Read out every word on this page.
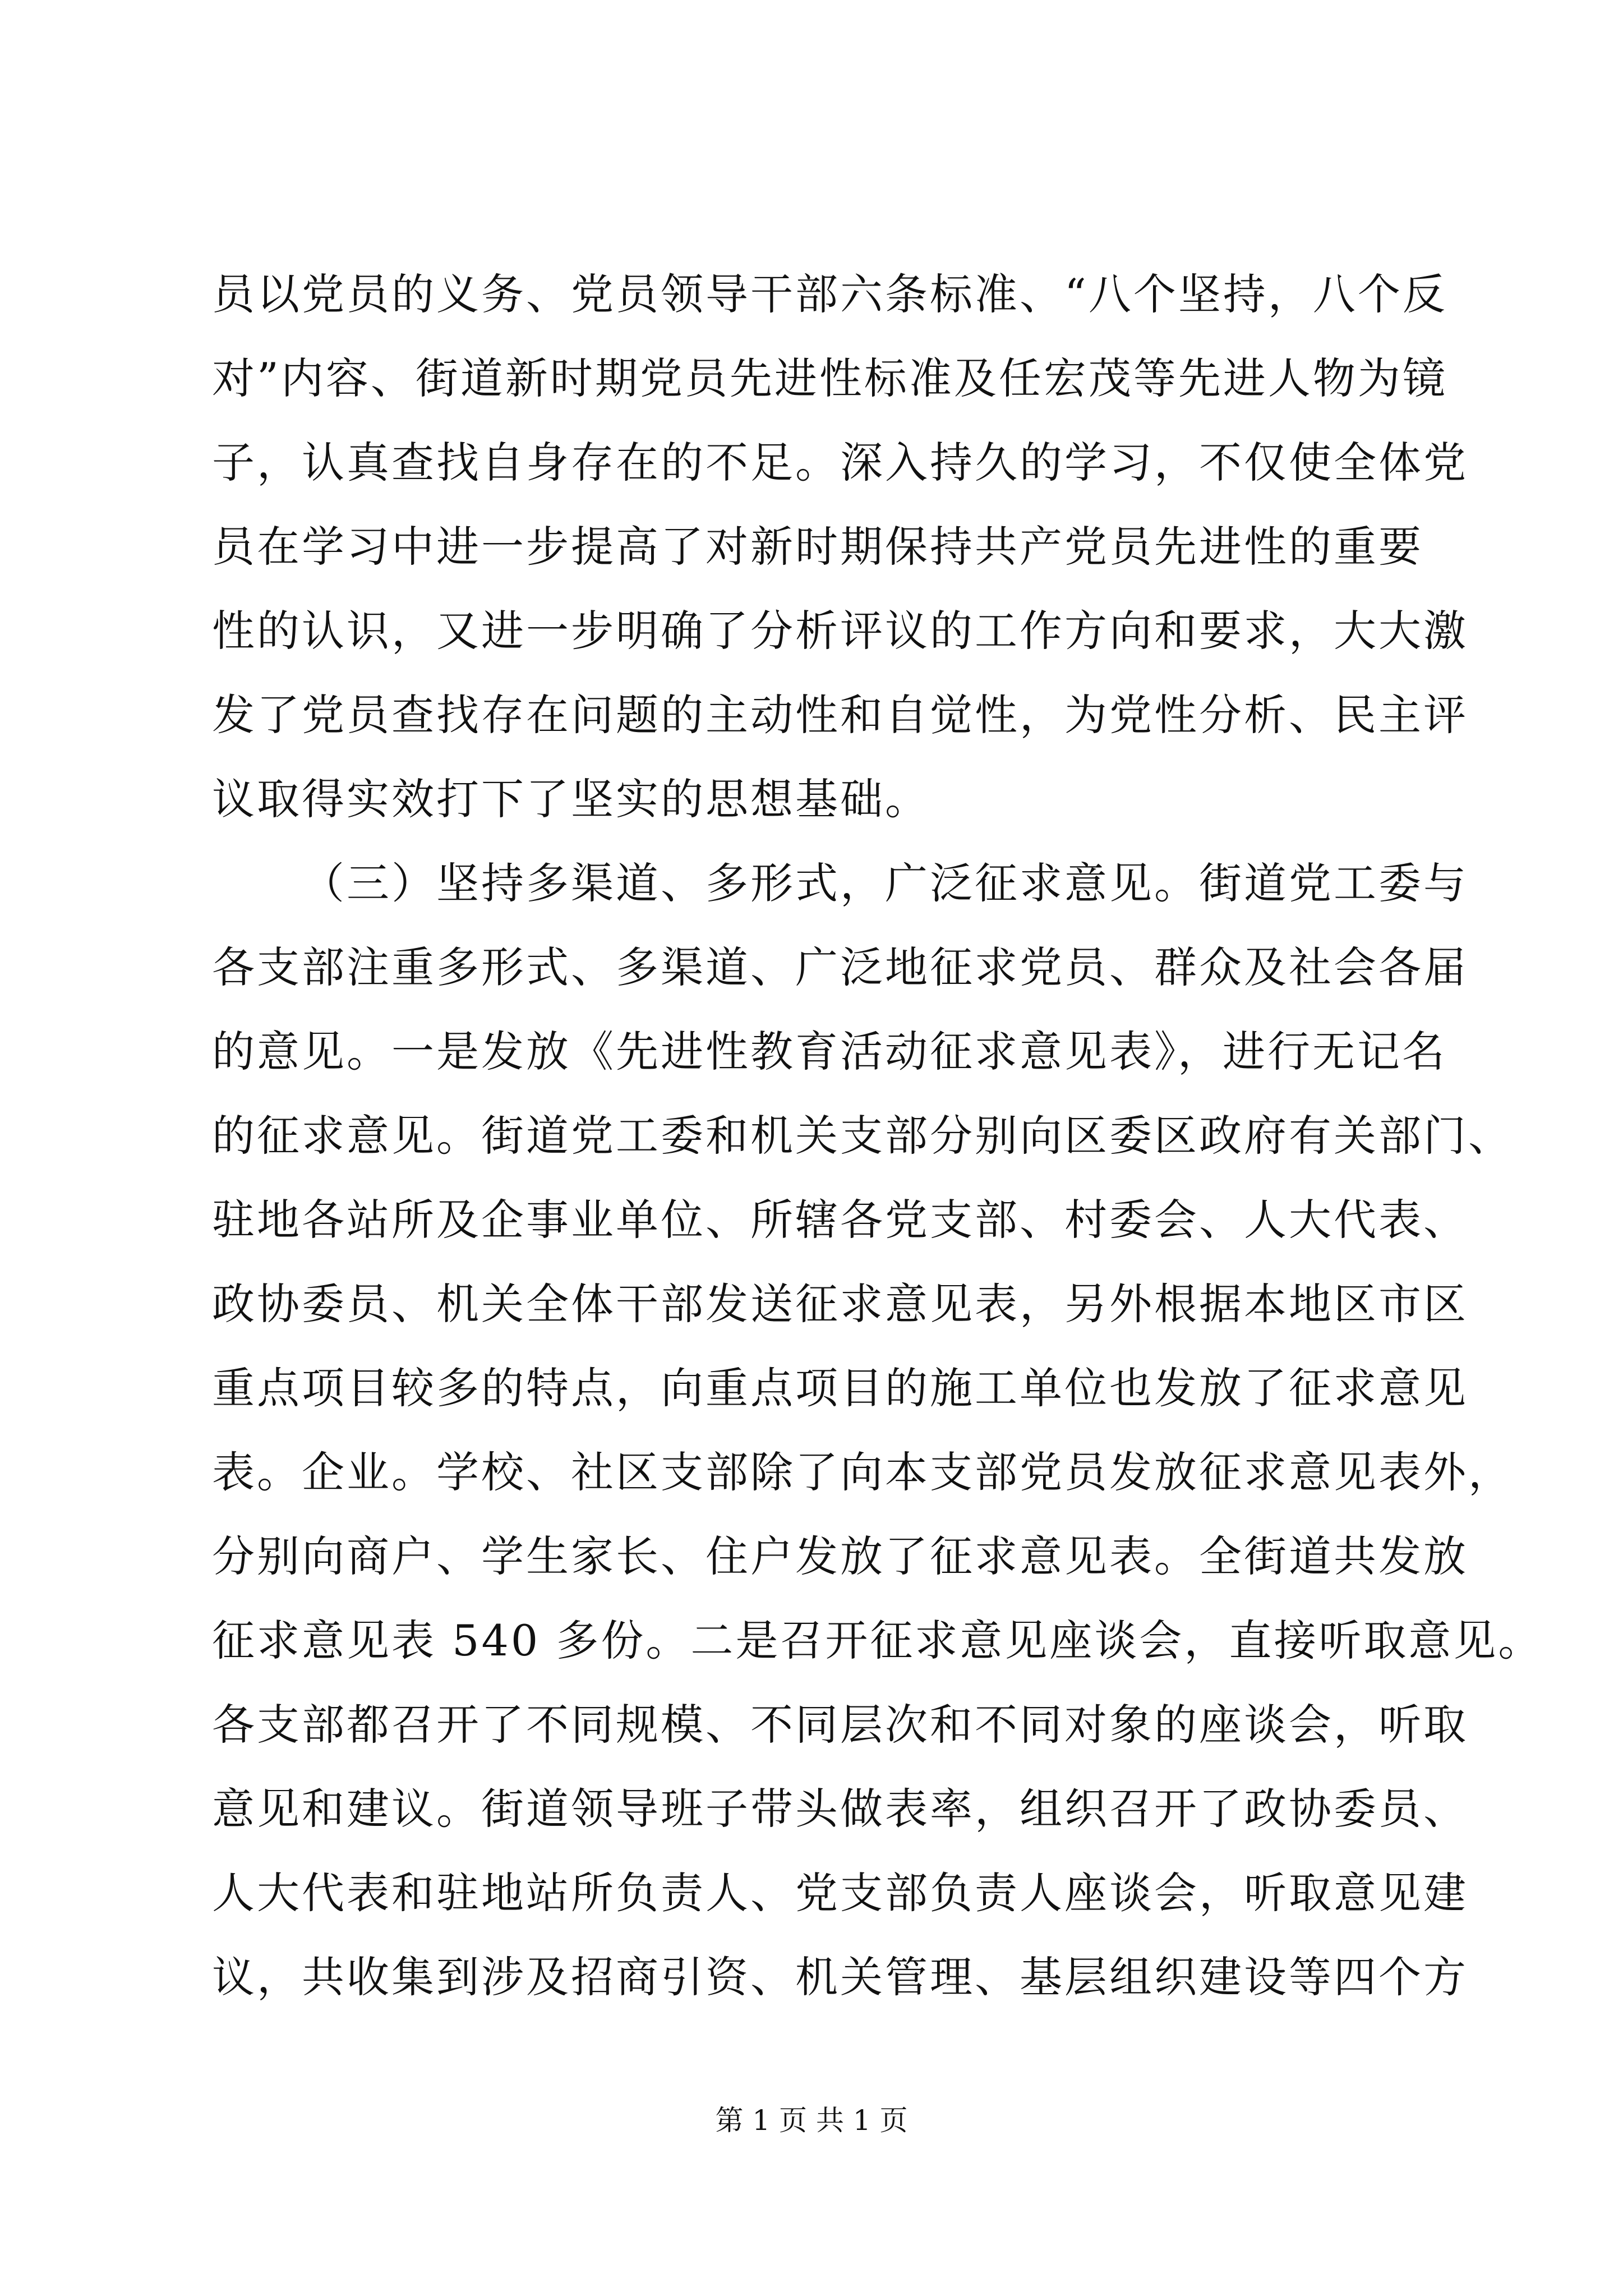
员以党员的义务、党员领导干部六条标准、“八个坚持，八个反
对”内容、街道新时期党员先进性标准及任宏茂等先进人物为镜
子，认真查找自身存在的不足。深入持久的学习，不仅使全体党
员在学习中进一步提高了对新时期保持共产党员先进性的重要
性的认识，又进一步明确了分析评议的工作方向和要求，大大激
发了党员查找存在问题的主动性和自觉性，为党性分析、民主评
议取得实效打下了坚实的思想基础。
（三）坚持多渠道、多形式，广泛征求意见。街道党工委与
各支部注重多形式、多渠道、广泛地征求党员、群众及社会各届
的意见。一是发放《先进性教育活动征求意见表》，进行无记名
的征求意见。街道党工委和机关支部分别向区委区政府有关部门、
驻地各站所及企事业单位、所辖各党支部、村委会、人大代表、
政协委员、机关全体干部发送征求意见表，另外根据本地区市区
重点项目较多的特点，向重点项目的施工单位也发放了征求意见
表。企业。学校、社区支部除了向本支部党员发放征求意见表外，
分别向商户、学生家长、住户发放了征求意见表。全街道共发放
征求意见表 540 多份。二是召开征求意见座谈会，直接听取意见。
各支部都召开了不同规模、不同层次和不同对象的座谈会，听取
意见和建议。街道领导班子带头做表率，组织召开了政协委员、
人大代表和驻地站所负责人、党支部负责人座谈会，听取意见建
议，共收集到涉及招商引资、机关管理、基层组织建设等四个方
第 1 页 共 1 页
